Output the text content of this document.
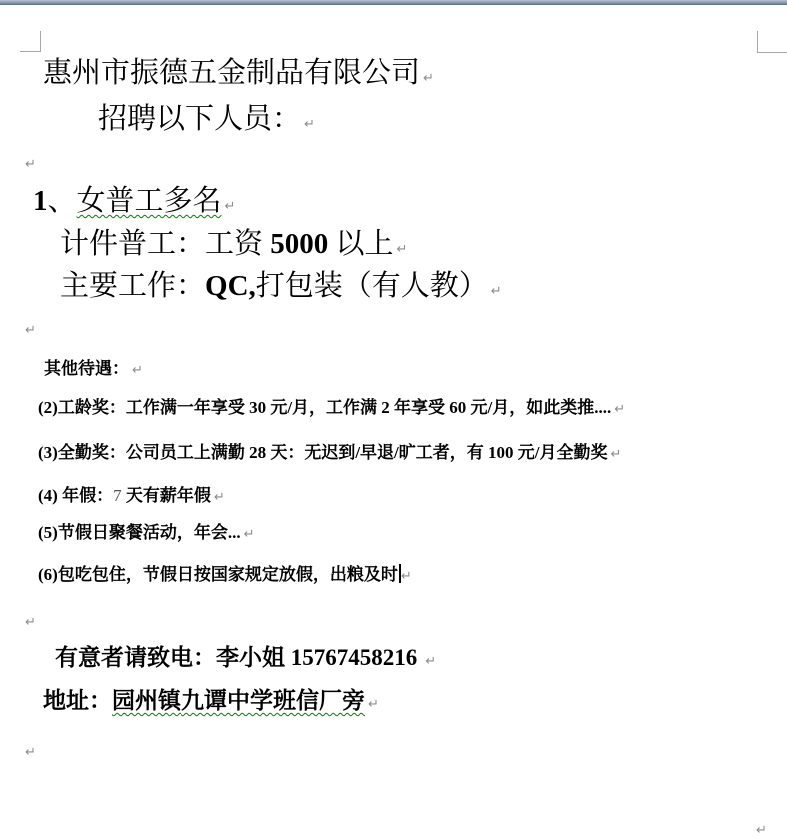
惠州市振德五金制品有限公司 ↵
招聘以下人员： ↵
↵
1、女普工多名 ↵
计件普工：工资 5000 以上 ↵
主要工作：QC,打包装（有人教） ↵
↵
其他待遇： ↵
(2)工龄奖：工作满一年享受 30 元/月，工作满 2 年享受 60 元/月，如此类推.... ↵
(3)全勤奖：公司员工上满勤 28 天：无迟到/早退/旷工者，有 100 元/月全勤奖 ↵
(4) 年假：7 天有薪年假 ↵
(5)节假日聚餐活动，年会... ↵
(6)包吃包住，节假日按国家规定放假，出粮及时 ↵
↵
有意者请致电：李小姐 15767458216 ↵
地址：园州镇九谭中学班信厂旁 ↵
↵
↵
